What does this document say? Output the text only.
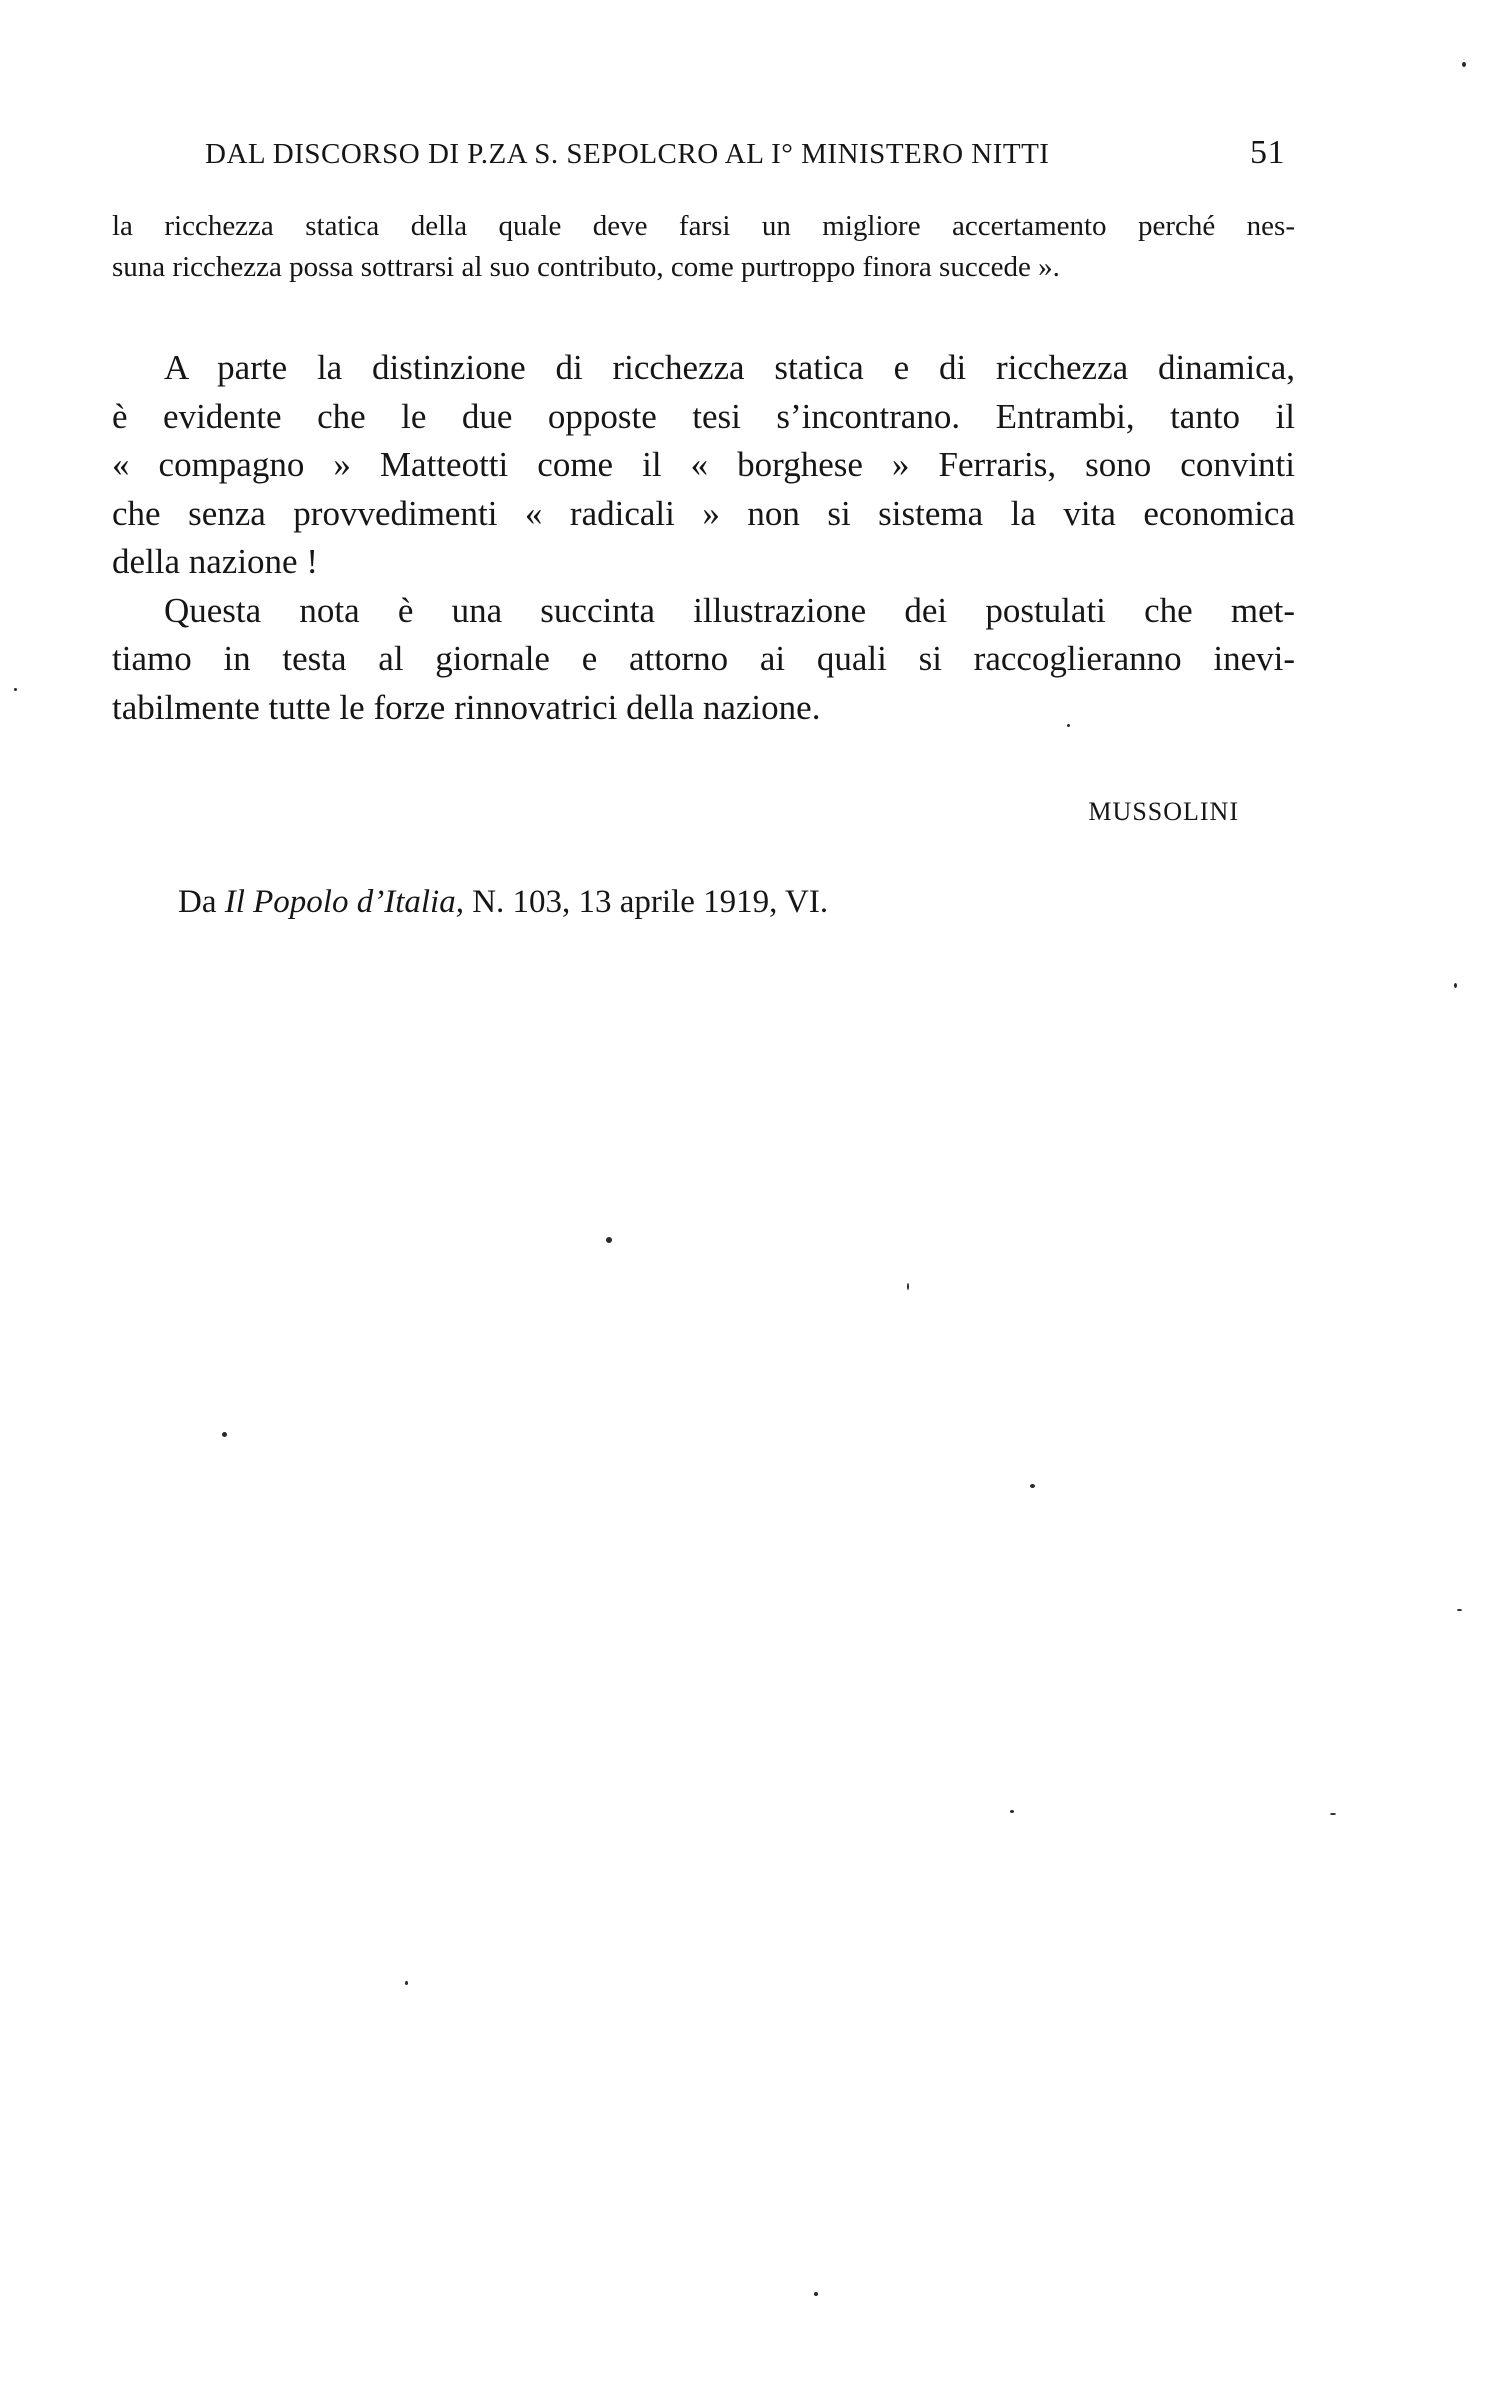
DAL DISCORSO DI P.ZA S. SEPOLCRO AL I° MINISTERO NITTI	51
la ricchezza statica della quale deve farsi un migliore accertamento perché nes-
suna ricchezza possa sottrarsi al suo contributo, come purtroppo finora succede ».
A parte la distinzione di ricchezza statica e di ricchezza dinamica,
è evidente che le due opposte tesi s’incontrano. Entrambi, tanto il
« compagno » Matteotti come il « borghese » Ferraris, sono convinti
che senza provvedimenti « radicali » non si sistema la vita economica
della nazione !
Questa nota è una succinta illustrazione dei postulati che met-
tiamo in testa al giornale e attorno ai quali si raccoglieranno inevi-
tabilmente tutte le forze rinnovatrici della nazione.
MUSSOLINI
Da Il Popolo d’Italia, N. 103, 13 aprile 1919, VI.
